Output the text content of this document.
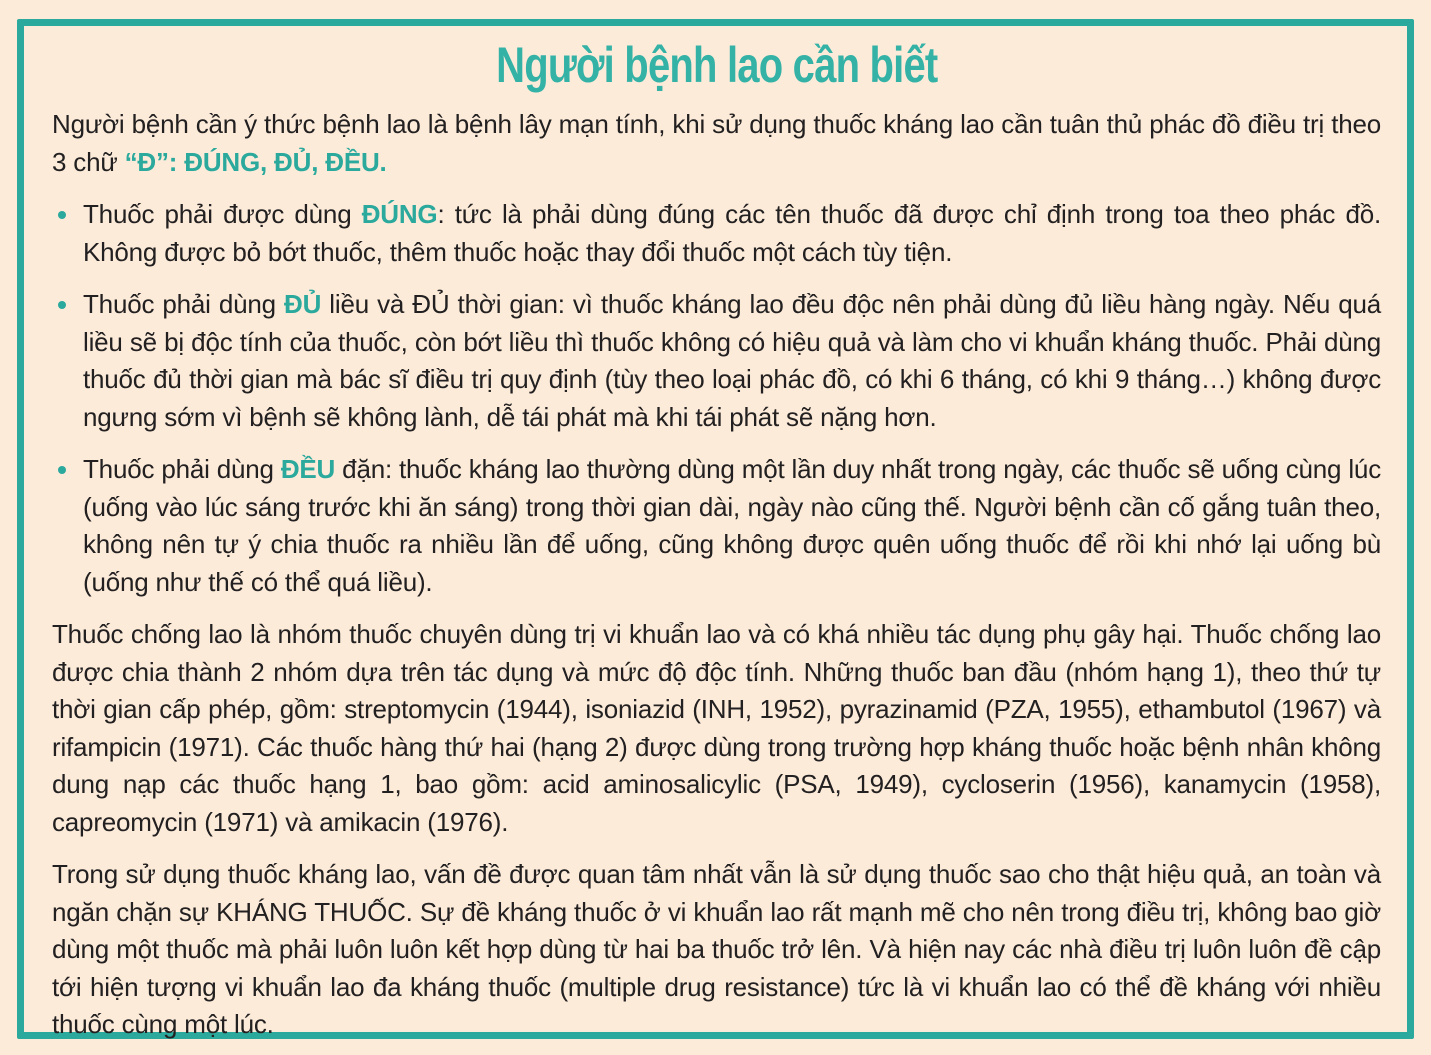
Người bệnh lao cần biết

Người bệnh cần ý thức bệnh lao là bệnh lây mạn tính, khi sử dụng thuốc kháng lao cần tuân thủ phác đồ điều trị theo 3 chữ “Đ”: ĐÚNG, ĐỦ, ĐỀU.

Thuốc phải được dùng ĐÚNG: tức là phải dùng đúng các tên thuốc đã được chỉ định trong toa theo phác đồ. Không được bỏ bớt thuốc, thêm thuốc hoặc thay đổi thuốc một cách tùy tiện.
Thuốc phải dùng ĐỦ liều và ĐỦ thời gian: vì thuốc kháng lao đều độc nên phải dùng đủ liều hàng ngày. Nếu quá liều sẽ bị độc tính của thuốc, còn bớt liều thì thuốc không có hiệu quả và làm cho vi khuẩn kháng thuốc. Phải dùng thuốc đủ thời gian mà bác sĩ điều trị quy định (tùy theo loại phác đồ, có khi 6 tháng, có khi 9 tháng…) không được ngưng sớm vì bệnh sẽ không lành, dễ tái phát mà khi tái phát sẽ nặng hơn.
Thuốc phải dùng ĐỀU đặn: thuốc kháng lao thường dùng một lần duy nhất trong ngày, các thuốc sẽ uống cùng lúc (uống vào lúc sáng trước khi ăn sáng) trong thời gian dài, ngày nào cũng thế. Người bệnh cần cố gắng tuân theo, không nên tự ý chia thuốc ra nhiều lần để uống, cũng không được quên uống thuốc để rồi khi nhớ lại uống bù (uống như thế có thể quá liều).

Thuốc chống lao là nhóm thuốc chuyên dùng trị vi khuẩn lao và có khá nhiều tác dụng phụ gây hại. Thuốc chống lao được chia thành 2 nhóm dựa trên tác dụng và mức độ độc tính. Những thuốc ban đầu (nhóm hạng 1), theo thứ tự thời gian cấp phép, gồm: streptomycin (1944), isoniazid (INH, 1952), pyrazinamid (PZA, 1955), ethambutol (1967) và rifampicin (1971). Các thuốc hàng thứ hai (hạng 2) được dùng trong trường hợp kháng thuốc hoặc bệnh nhân không dung nạp các thuốc hạng 1, bao gồm: acid aminosalicylic (PSA, 1949), cycloserin (1956), kanamycin (1958), capreomycin (1971) và amikacin (1976).

Trong sử dụng thuốc kháng lao, vấn đề được quan tâm nhất vẫn là sử dụng thuốc sao cho thật hiệu quả, an toàn và ngăn chặn sự KHÁNG THUỐC. Sự đề kháng thuốc ở vi khuẩn lao rất mạnh mẽ cho nên trong điều trị, không bao giờ dùng một thuốc mà phải luôn luôn kết hợp dùng từ hai ba thuốc trở lên. Và hiện nay các nhà điều trị luôn luôn đề cập tới hiện tượng vi khuẩn lao đa kháng thuốc (multiple drug resistance) tức là vi khuẩn lao có thể đề kháng với nhiều thuốc cùng một lúc.
